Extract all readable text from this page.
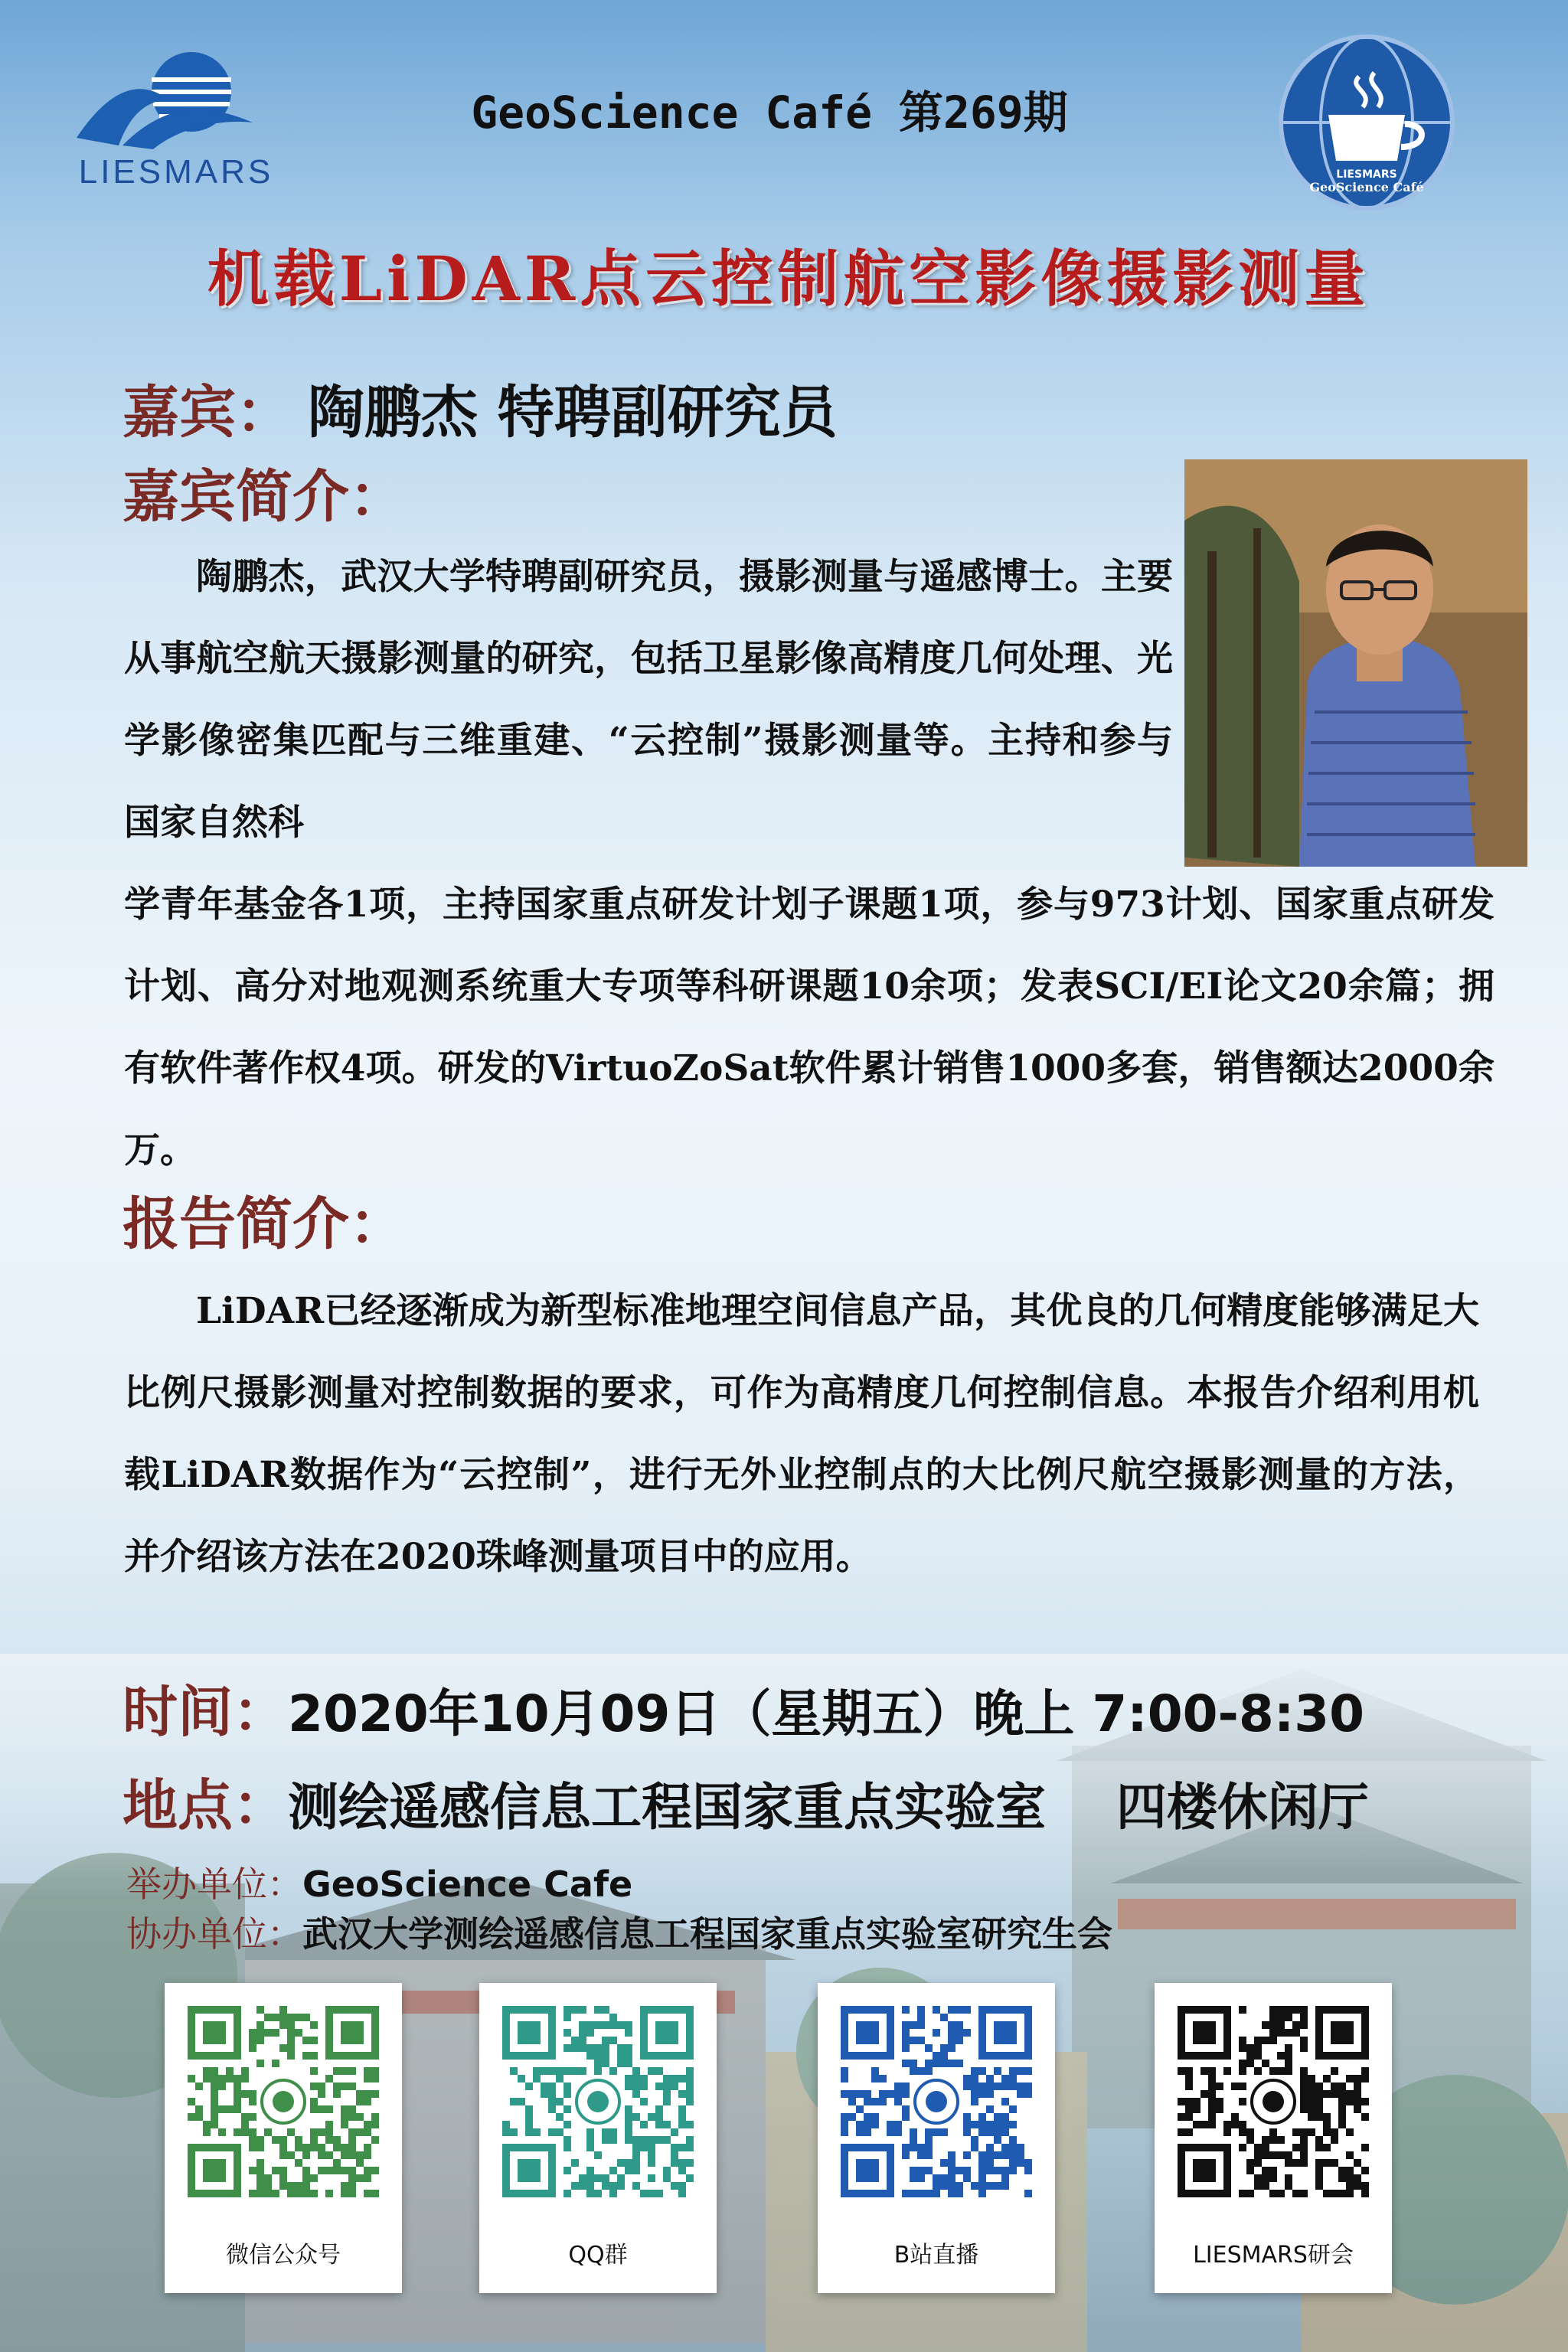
LIESMARS
GeoScience Café 第269期
LIESMARS
GeoScience Café
机载LiDAR点云控制航空影像摄影测量
嘉宾： 陶鹏杰 特聘副研究员
嘉宾简介：
陶鹏杰，武汉大学特聘副研究员，摄影测量与遥感博士。主要从事航空航天摄影测量的研究，包括卫星影像高精度几何处理、光学影像密集匹配与三维重建、“云控制”摄影测量等。主持和参与国家自然科
学青年基金各1项，主持国家重点研发计划子课题1项，参与973计划、国家重点研发计划、高分对地观测系统重大专项等科研课题10余项；发表SCI/EI论文20余篇；拥有软件著作权4项。研发的VirtuoZoSat软件累计销售1000多套，销售额达2000余万。
报告简介：
LiDAR已经逐渐成为新型标准地理空间信息产品，其优良的几何精度能够满足大比例尺摄影测量对控制数据的要求，可作为高精度几何控制信息。本报告介绍利用机载LiDAR数据作为“云控制”，进行无外业控制点的大比例尺航空摄影测量的方法，并介绍该方法在2020珠峰测量项目中的应用。
时间：2020年10月09日（星期五）晚上 7:00-8:30
地点：测绘遥感信息工程国家重点实验室    四楼休闲厅
举办单位：GeoScience Cafe
协办单位：武汉大学测绘遥感信息工程国家重点实验室研究生会
微信公众号	QQ群	B站直播	LIESMARS研会
